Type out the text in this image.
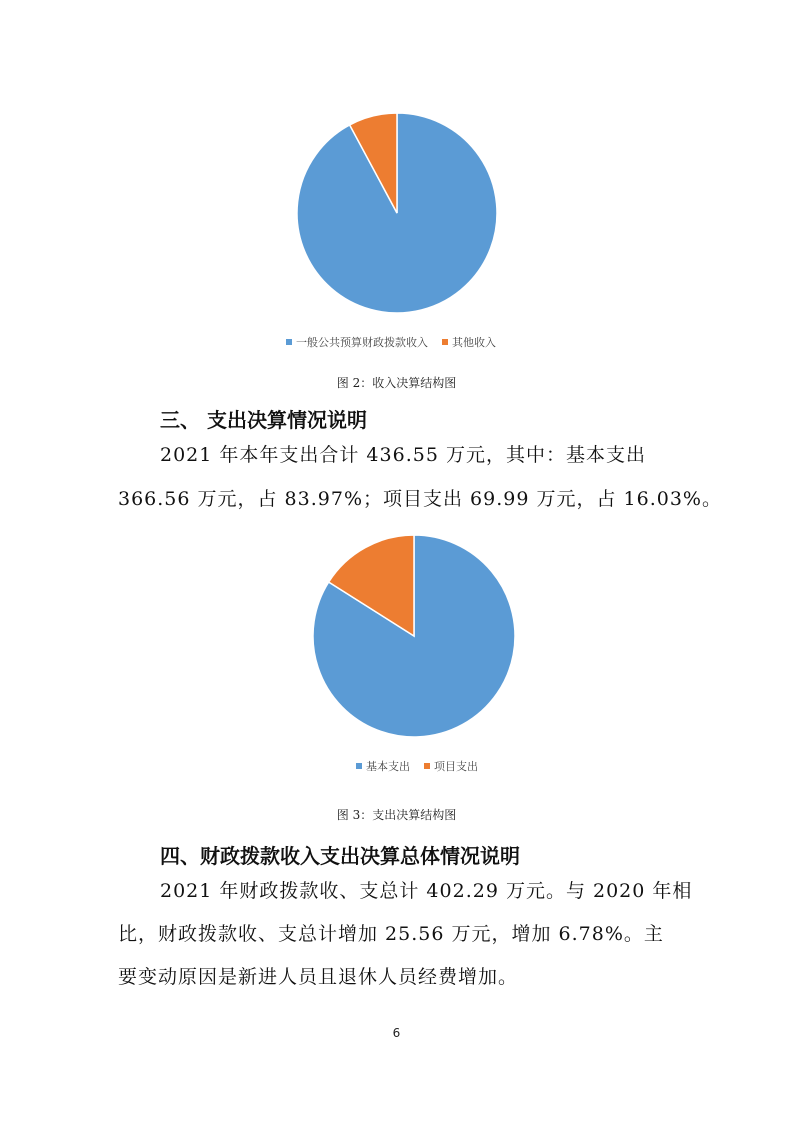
一般公共预算财政拨款收入 其他收入
图 2：收入决算结构图
三、 支出决算情况说明
2021 年本年支出合计 436.55 万元，其中：基本支出
366.56 万元，占 83.97%；项目支出 69.99 万元，占 16.03%。
基本支出 项目支出
图 3：支出决算结构图
四、财政拨款收入支出决算总体情况说明
2021 年财政拨款收、支总计 402.29 万元。与 2020 年相
比，财政拨款收、支总计增加 25.56 万元，增加 6.78%。主
要变动原因是新进人员且退休人员经费增加。
6
